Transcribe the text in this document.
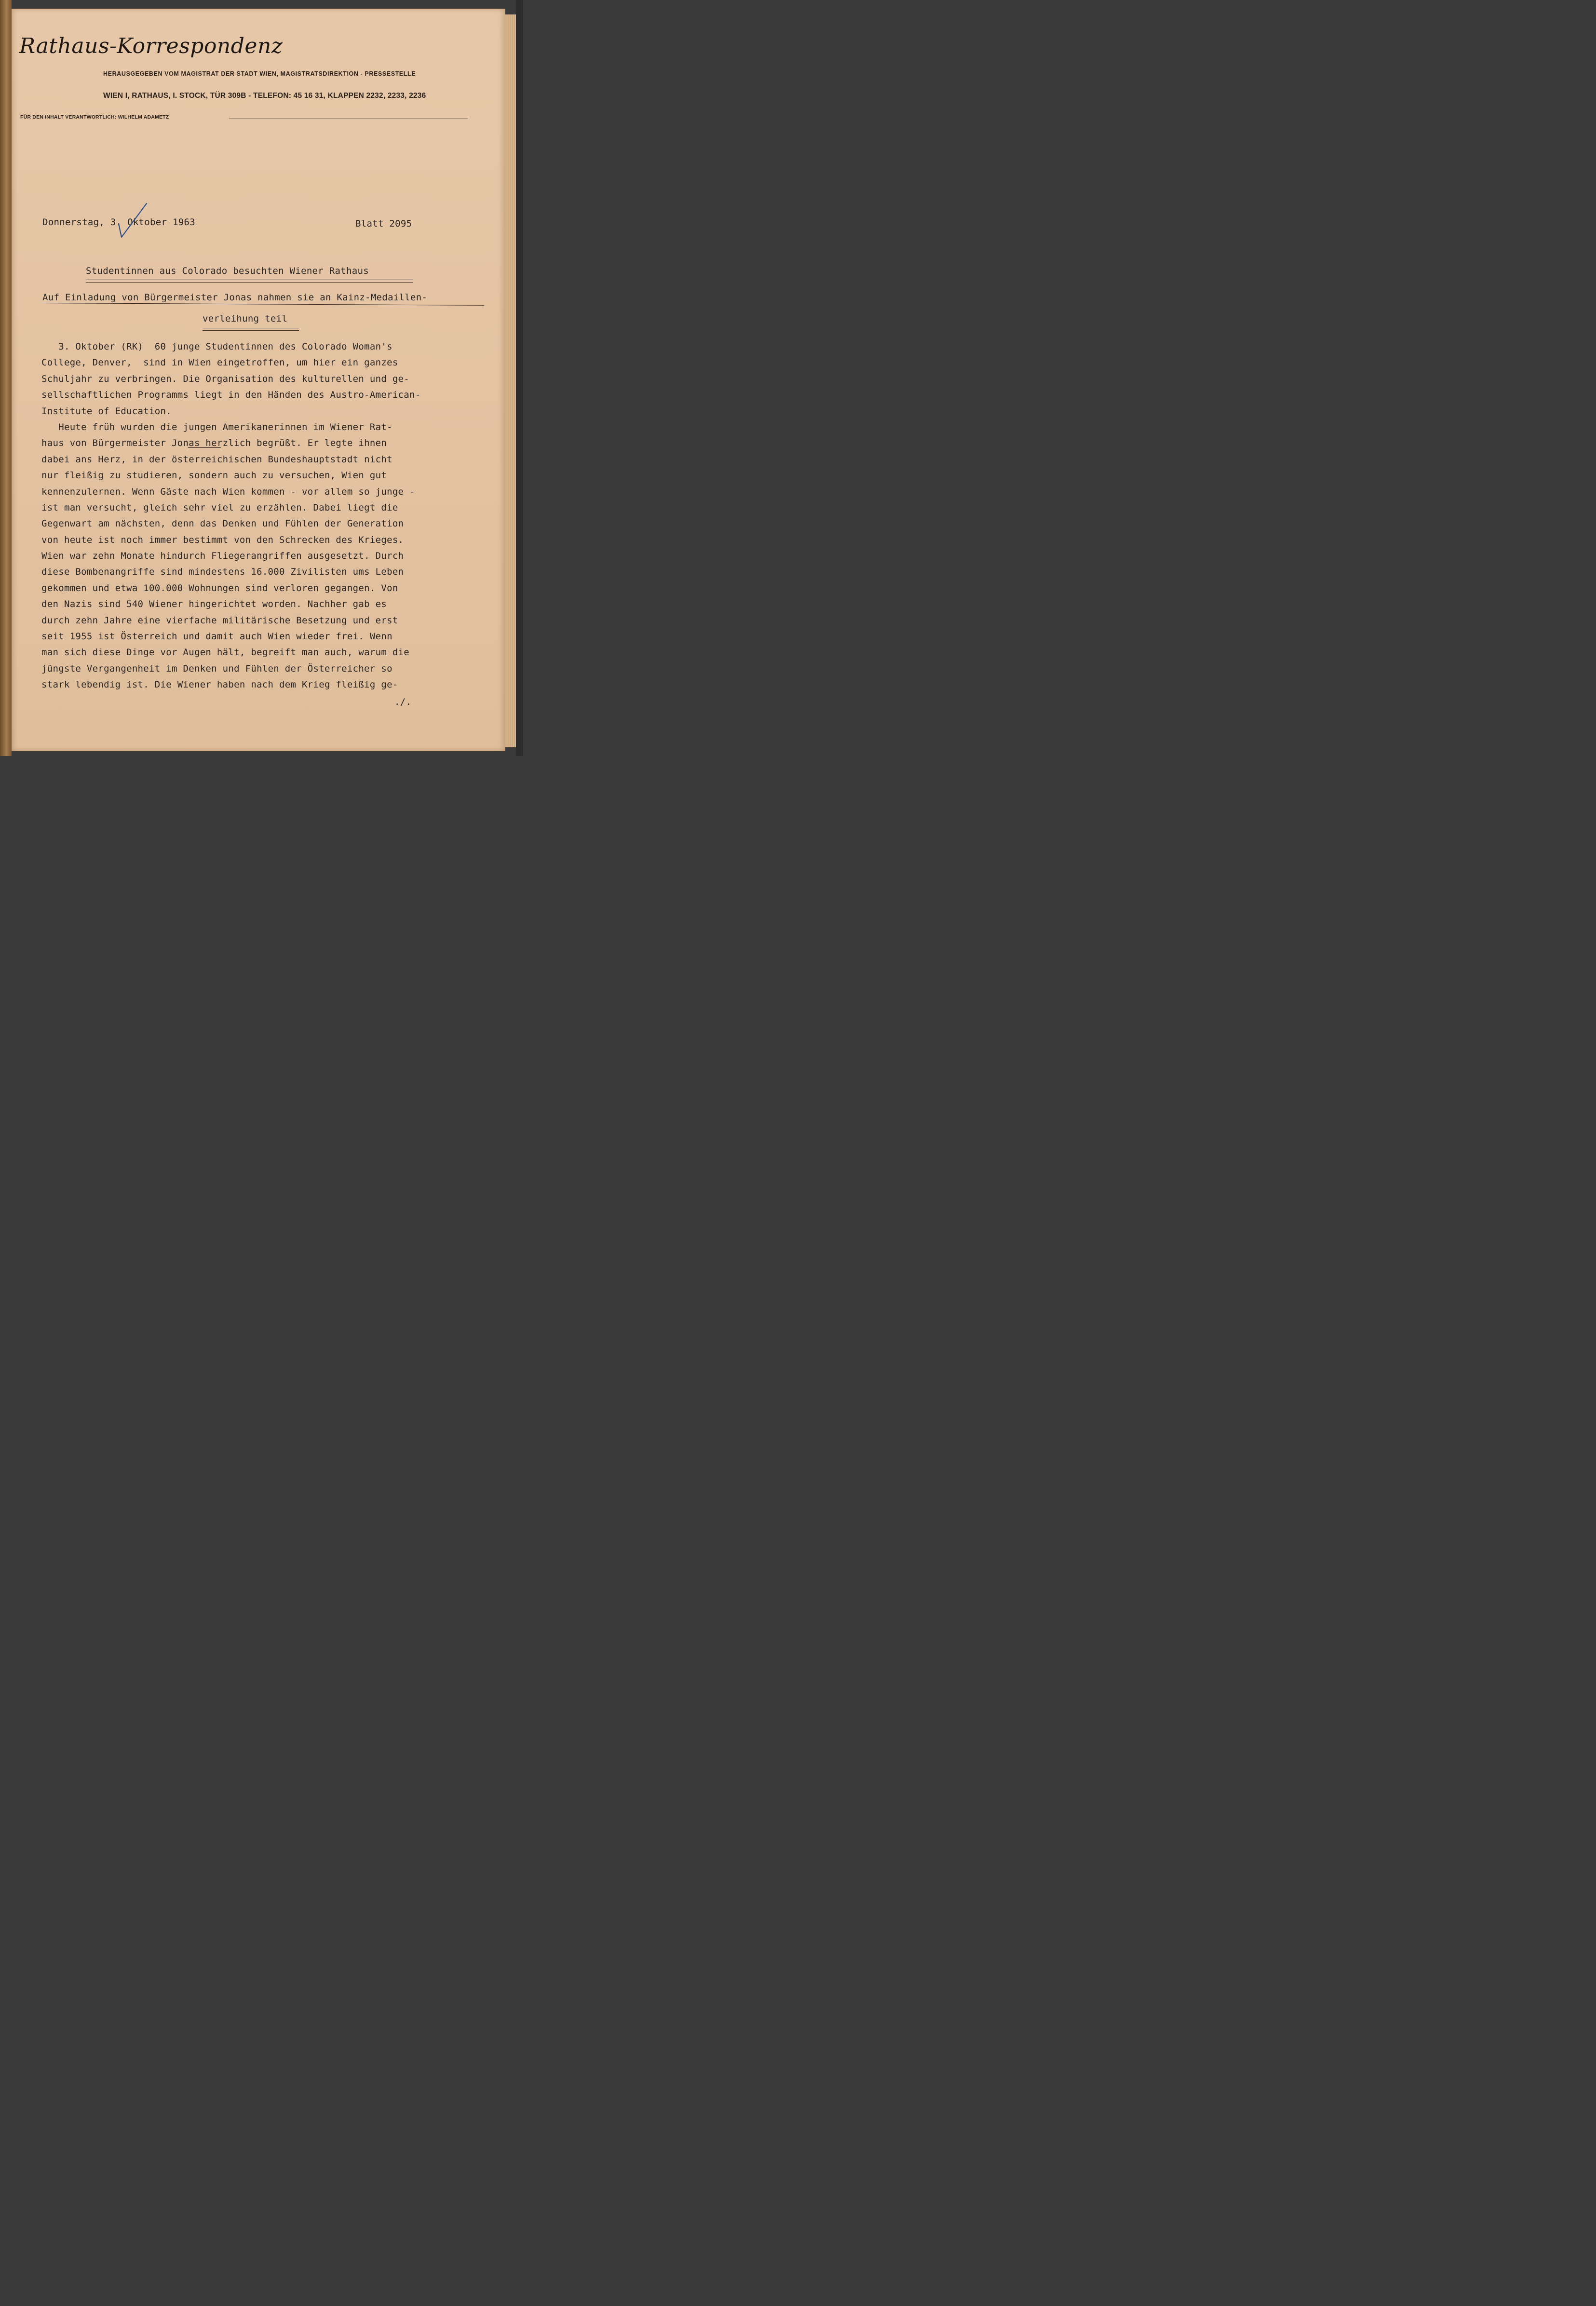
Rathaus-Korrespondenz
HERAUSGEGEBEN VOM MAGISTRAT DER STADT WIEN, MAGISTRATSDIREKTION - PRESSESTELLE
WIEN I, RATHAUS, I. STOCK, TÜR 309B - TELEFON: 45 16 31, KLAPPEN 2232, 2233, 2236
FÜR DEN INHALT VERANTWORTLICH: WILHELM ADAMETZ
Donnerstag, 3. Oktober 1963	Blatt 2095
Studentinnen aus Colorado besuchten Wiener Rathaus
Auf Einladung von Bürgermeister Jonas nahmen sie an Kainz-Medaillen-
verleihung teil
3. Oktober (RK)  60 junge Studentinnen des Colorado Woman's
College, Denver,  sind in Wien eingetroffen, um hier ein ganzes
Schuljahr zu verbringen. Die Organisation des kulturellen und ge-
sellschaftlichen Programms liegt in den Händen des Austro-American-
Institute of Education.
Heute früh wurden die jungen Amerikanerinnen im Wiener Rat-
haus von Bürgermeister Jonas herzlich begrüßt. Er legte ihnen
dabei ans Herz, in der österreichischen Bundeshauptstadt nicht
nur fleißig zu studieren, sondern auch zu versuchen, Wien gut
kennenzulernen. Wenn Gäste nach Wien kommen - vor allem so junge -
ist man versucht, gleich sehr viel zu erzählen. Dabei liegt die
Gegenwart am nächsten, denn das Denken und Fühlen der Generation
von heute ist noch immer bestimmt von den Schrecken des Krieges.
Wien war zehn Monate hindurch Fliegerangriffen ausgesetzt. Durch
diese Bombenangriffe sind mindestens 16.000 Zivilisten ums Leben
gekommen und etwa 100.000 Wohnungen sind verloren gegangen. Von
den Nazis sind 540 Wiener hingerichtet worden. Nachher gab es
durch zehn Jahre eine vierfache militärische Besetzung und erst
seit 1955 ist Österreich und damit auch Wien wieder frei. Wenn
man sich diese Dinge vor Augen hält, begreift man auch, warum die
jüngste Vergangenheit im Denken und Fühlen der Österreicher so
stark lebendig ist. Die Wiener haben nach dem Krieg fleißig ge-
./.
